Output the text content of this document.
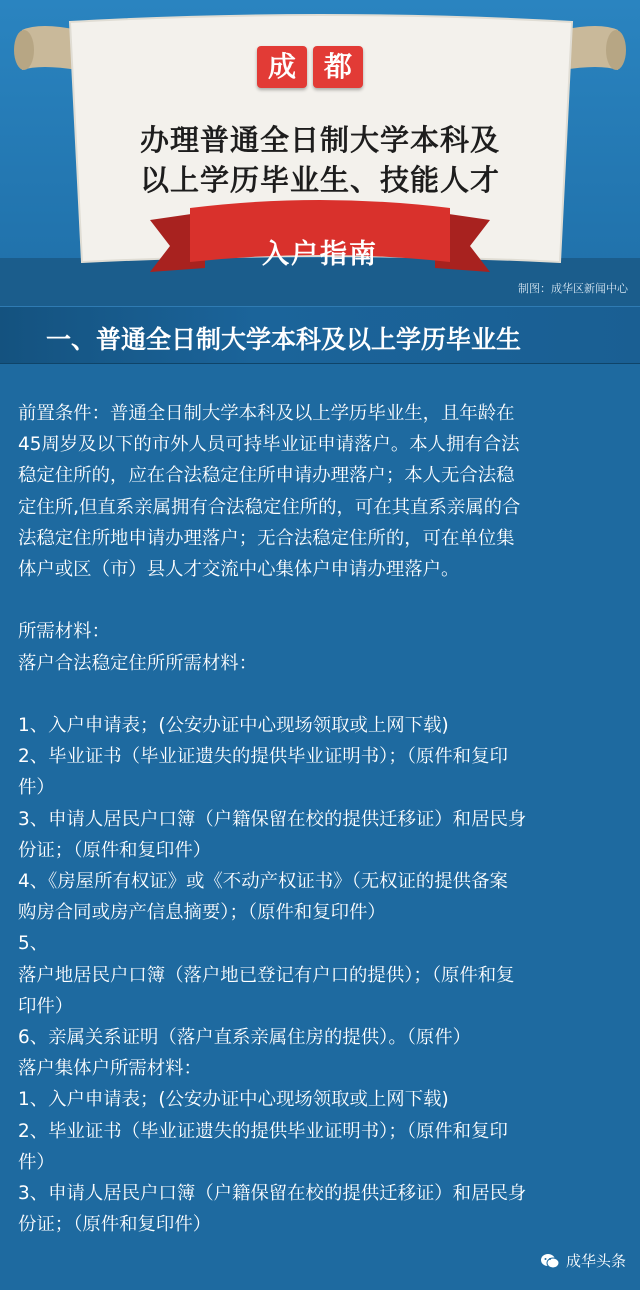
成 都
办理普通全日制大学本科及
以上学历毕业生、技能人才
入户指南
制图：成华区新闻中心
一、普通全日制大学本科及以上学历毕业生

前置条件：普通全日制大学本科及以上学历毕业生，且年龄在

45周岁及以下的市外人员可持毕业证申请落户。本人拥有合法

稳定住所的，应在合法稳定住所申请办理落户；本人无合法稳

定住所,但直系亲属拥有合法稳定住所的，可在其直系亲属的合

法稳定住所地申请办理落户；无合法稳定住所的，可在单位集

体户或区（市）县人才交流中心集体户申请办理落户。

所需材料：

落户合法稳定住所所需材料：

1、入户申请表；(公安办证中心现场领取或上网下载)

2、毕业证书（毕业证遗失的提供毕业证明书）；（原件和复印

件）

3、申请人居民户口簿（户籍保留在校的提供迁移证）和居民身

份证；（原件和复印件）

4、《房屋所有权证》或《不动产权证书》（无权证的提供备案

购房合同或房产信息摘要）；（原件和复印件）

5、

落户地居民户口簿（落户地已登记有户口的提供）；（原件和复

印件）

6、亲属关系证明（落户直系亲属住房的提供）。（原件）

落户集体户所需材料：

1、入户申请表；(公安办证中心现场领取或上网下载)

2、毕业证书（毕业证遗失的提供毕业证明书）；（原件和复印

件）

3、申请人居民户口簿（户籍保留在校的提供迁移证）和居民身

份证；（原件和复印件）

成华头条
